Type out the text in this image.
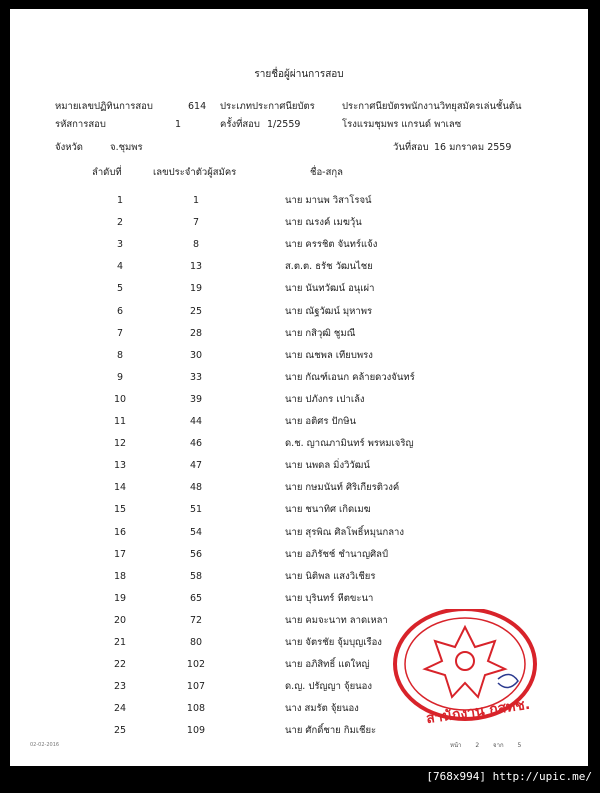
รายชื่อผู้ผ่านการสอบ
หมายเลขปฏิทินการสอบ	614 ประเภทประกาศนียบัตร	ประกาศนียบัตรพนักงานวิทยุสมัครเล่นชั้นต้น
รหัสการสอบ	1	ครั้งที่สอบ 1/2559	โรงแรมชุมพร แกรนด์ พาเลซ
จังหวัด	จ.ชุมพร	วันที่สอบ 16 มกราคม 2559
ลำดับที่	เลขประจำตัวผู้สมัคร	ชื่อ-สกุล
1	1	นาย มานพ วิสาโรจน์
2	7	นาย ณรงค์ เมฆวุ้น
3	8	นาย ครรชิต จันทร์แจ้ง
4	13	ส.ต.ต. ธรัช วัฒนไชย
5	19	นาย นันทวัฒน์ อนุเผ่า
6	25	นาย ณัฐวัฒน์ มุหาพร
7	28	นาย กสิวุฒิ ชูมณี
8	30	นาย ณชพล เทียบพรง
9	33	นาย กัณฑ์เอนก คล้ายดวงจันทร์
10	39	นาย ปภังกร เปาเล้ง
11	44	นาย อติศร ปักษิน
12	46	ด.ช. ญาณภามินทร์ พรหมเจริญ
13	47	นาย นพดล มิ่งวิวัฒน์
14	48	นาย กษมนันท์ ศิริเกียรติวงค์
15	51	นาย ชนาทิศ เกิดเมฆ
16	54	นาย สุรพิณ ศิลโพธิ์หมุนกลาง
17	56	นาย อภิรัชช์ ชำนาญศิลป์
18	58	นาย นิติพล แสงวิเชียร
19	65	นาย บุรินทร์ หีตขะนา
20	72	นาย คมจะนาท ลาดเหลา
21	80	นาย จัตรชัย จุ้มบุญเรือง
22	102	นาย อภิสิทธิ์ แดใหญ่
23	107	ด.ญ. ปรัญญา จุ้ยนอง
24	108	นาง สมรัต จุ้ยนอง
25	109	นาย ศักดิ์ชาย กิมเชียะ
สำนักงาน กสทช.
02-02-2016	หน้า 2 จาก 5
[768x994] http://upic.me/
